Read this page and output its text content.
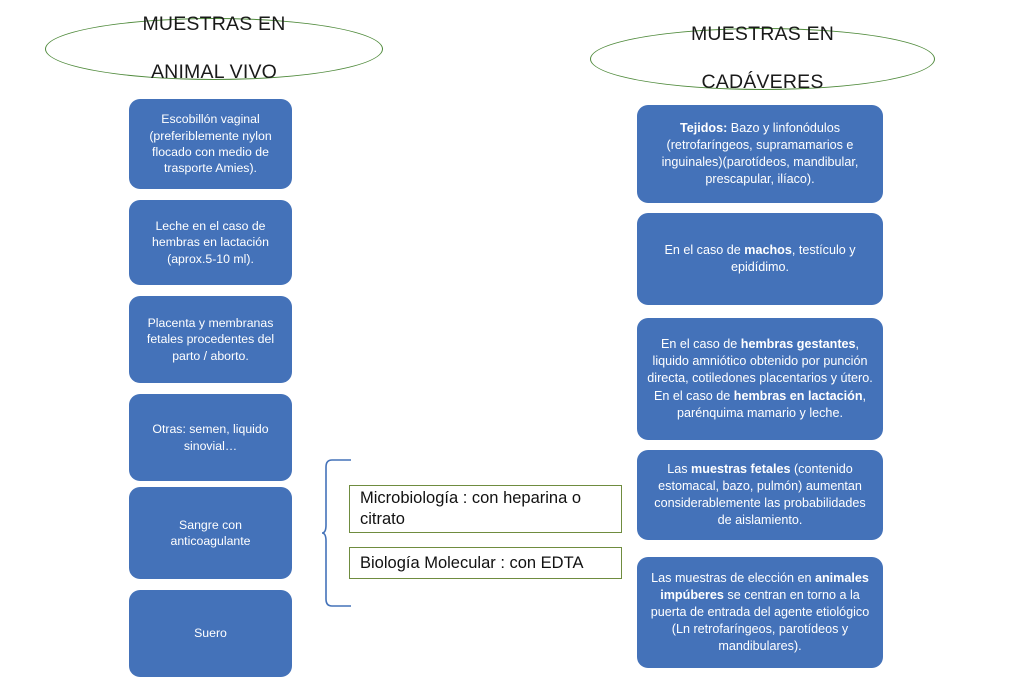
MUESTRAS EN

ANIMAL VIVO
MUESTRAS EN

CADÁVERES
Escobillón vaginal (preferiblemente nylon flocado con medio de trasporte Amies).
Leche en el caso de hembras en lactación (aprox.5-10 ml).
Placenta y membranas fetales procedentes del parto / aborto.
Otras: semen, liquido sinovial…
Sangre con anticoagulante
Suero
Microbiología : con heparina o citrato
Biología Molecular : con EDTA
Tejidos: Bazo y linfonódulos (retrofaríngeos, supramamarios e inguinales)(parotídeos, mandibular, prescapular, ilíaco).
En el caso de machos, testículo y epidídimo.
En el caso de hembras gestantes, liquido amniótico obtenido por punción directa, cotiledones placentarios y útero. En el caso de hembras en lactación, parénquima mamario y leche.
Las muestras fetales (contenido estomacal, bazo, pulmón) aumentan considerablemente las probabilidades de aislamiento.
Las muestras de elección en animales impúberes se centran en torno a la puerta de entrada del agente etiológico (Ln retrofaríngeos, parotídeos y mandibulares).
